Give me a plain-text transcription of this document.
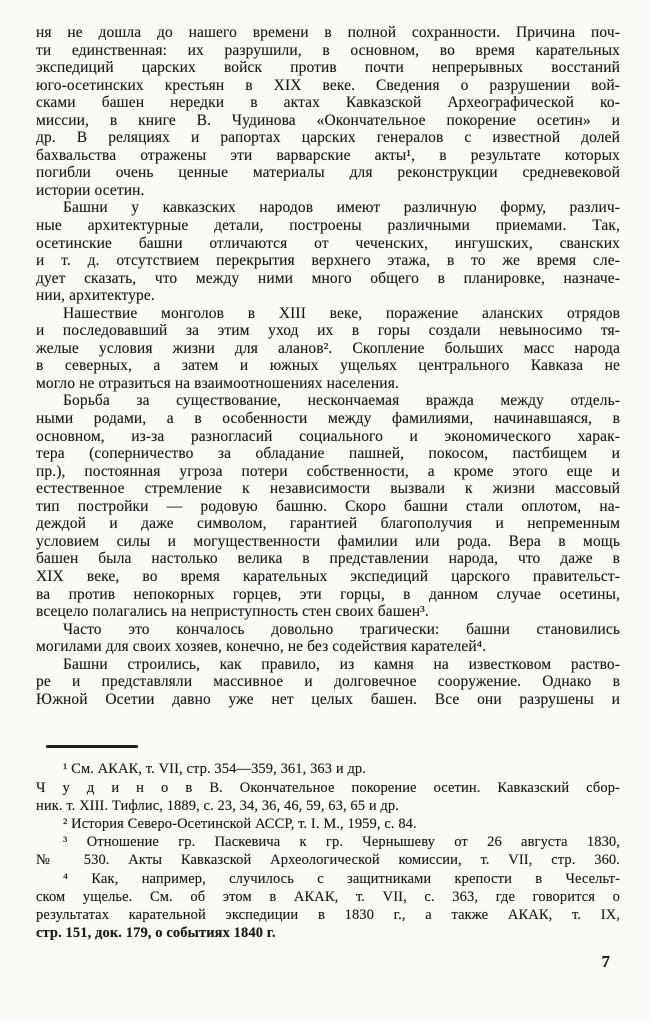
ня не дошла до нашего времени в полной сохранности. Причина поч-
ти единственная: их разрушили, в основном, во время карательных
экспедиций царских войск против почти непрерывных восстаний
юго-осетинских крестьян в XIX веке. Сведения о разрушении вой-
сками башен нередки в актах Кавказской Археографической ко-
миссии, в книге В. Чудинова «Окончательное покорение осетин» и
др. В реляциях и рапортах царских генералов с известной долей
бахвальства отражены эти варварские акты¹, в результате которых
погибли очень ценные материалы для реконструкции средневековой
истории осетин.
Башни у кавказских народов имеют различную форму, различ-
ные архитектурные детали, построены различными приемами. Так,
осетинские башни отличаются от чеченских, ингушских, сванских
и т. д. отсутствием перекрытия верхнего этажа, в то же время сле-
дует сказать, что между ними много общего в планировке, назначе-
нии, архитектуре.
Нашествие монголов в XIII веке, поражение аланских отрядов
и последовавший за этим уход их в горы создали невыносимо тя-
желые условия жизни для аланов². Скопление больших масс народа
в северных, а затем и южных ущельях центрального Кавказа не
могло не отразиться на взаимоотношениях населения.
Борьба за существование, нескончаемая вражда между отдель-
ными родами, а в особенности между фамилиями, начинавшаяся, в
основном, из-за разногласий социального и экономического харак-
тера (соперничество за обладание пашней, покосом, пастбищем и
пр.), постоянная угроза потери собственности, а кроме этого еще и
естественное стремление к независимости вызвали к жизни массовый
тип постройки — родовую башню. Скоро башни стали оплотом, на-
деждой и даже символом, гарантией благополучия и непременным
условием силы и могущественности фамилии или рода. Вера в мощь
башен была настолько велика в представлении народа, что даже в
XIX веке, во время карательных экспедиций царского правительст-
ва против непокорных горцев, эти горцы, в данном случае осетины,
всецело полагались на неприступность стен своих башен³.
Часто это кончалось довольно трагически: башни становились
могилами для своих хозяев, конечно, не без содействия карателей⁴.
Башни строились, как правило, из камня на известковом раство-
ре и представляли массивное и долговечное сооружение. Однако в
Южной Осетии давно уже нет целых башен. Все они разрушены и
¹ См. АКАК, т. VII, стр. 354—359, 361, 363 и др.
Ч у д и н о в В. Окончательное покорение осетин. Кавказский сбор-
ник. т. XIII. Тифлис, 1889, с. 23, 34, 36, 46, 59, 63, 65 и др.
² История Северо-Осетинской АССР, т. I. М., 1959, с. 84.
³ Отношение гр. Паскевича к гр. Чернышеву от 26 августа 1830,
№ 530. Акты Кавказской Археологической комиссии, т. VII, стр. 360.
⁴ Как, например, случилось с защитниками крепости в Чесельт-
ском ущелье. См. об этом в АКАК, т. VII, с. 363, где говорится о
результатах карательной экспедиции в 1830 г., а также АКАК, т. IX,
стр. 151, док. 179, о событиях 1840 г.
7
